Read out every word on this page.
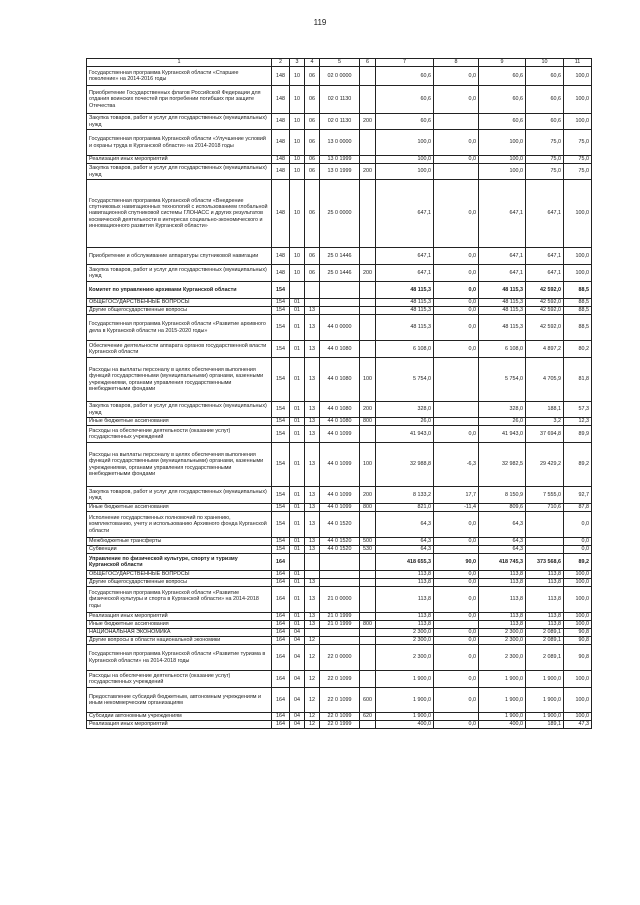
119
1	2	3	4	5	6	7	8	9	10	11
Государственная программа Курганской области «Старшее поколение» на 2014-2016 годы	148	10	06	02 0 0000		60,6	0,0	60,6	60,6	100,0
Приобретение Государственных флагов Российской Федерации для отдания воинских почестей при погребении погибших при защите Отечества	148	10	06	02 0 1130		60,6	0,0	60,6	60,6	100,0
Закупка товаров, работ и услуг для государственных (муниципальных) нужд	148	10	06	02 0 1130	200	60,6		60,6	60,6	100,0
Государственная программа Курганской области «Улучшение условий и охраны труда в Курганской области» на 2014-2018 годы	148	10	06	13 0 0000		100,0	0,0	100,0	75,0	75,0
Реализация иных мероприятий	148	10	06	13 0 1999		100,0	0,0	100,0	75,0	75,0
Закупка товаров, работ и услуг для государственных (муниципальных) нужд	148	10	06	13 0 1999	200	100,0		100,0	75,0	75,0
Государственная программа Курганской области «Внедрение спутниковых навигационных технологий с использованием глобальной навигационной спутниковой системы ГЛОНАСС и других результатов космической деятельности в интересах социально-экономического и инновационного развития Курганской области»	148	10	06	25 0 0000		647,1	0,0	647,1	647,1	100,0
Приобретение и обслуживание аппаратуры спутниковой навигации	148	10	06	25 0 1446		647,1	0,0	647,1	647,1	100,0
Закупка товаров, работ и услуг для государственных (муниципальных) нужд	148	10	06	25 0 1446	200	647,1	0,0	647,1	647,1	100,0
Комитет по управлению архивами Курганской области	154					48 115,3	0,0	48 115,3	42 592,0	88,5
ОБЩЕГОСУДАРСТВЕННЫЕ ВОПРОСЫ	154	01				48 115,3	0,0	48 115,3	42 592,0	88,5
Другие общегосударственные вопросы	154	01	13			48 115,3	0,0	48 115,3	42 592,0	88,5
Государственная программа Курганской области «Развитие архивного дела в Курганской области на 2015-2020 годы»	154	01	13	44 0 0000		48 115,3	0,0	48 115,3	42 592,0	88,5
Обеспечение деятельности аппарата органов государственной власти Курганской области	154	01	13	44 0 1080		6 108,0	0,0	6 108,0	4 897,2	80,2
Расходы на выплаты персоналу в целях обеспечения выполнения функций государственными (муниципальными) органами, казенными учреждениями, органами управления государственными внебюджетными фондами	154	01	13	44 0 1080	100	5 754,0		5 754,0	4 705,9	81,8
Закупка товаров, работ и услуг для государственных (муниципальных) нужд	154	01	13	44 0 1080	200	328,0		328,0	188,1	57,3
Иные бюджетные ассигнования	154	01	13	44 0 1080	800	26,0		26,0	3,2	12,3
Расходы на обеспечение деятельности (оказание услуг) государственных учреждений	154	01	13	44 0 1099		41 943,0	0,0	41 943,0	37 694,8	89,9
Расходы на выплаты персоналу в целях обеспечения выполнения функций государственными (муниципальными) органами, казенными учреждениями, органами управления государственными внебюджетными фондами	154	01	13	44 0 1099	100	32 988,8	-6,3	32 982,5	29 429,2	89,2
Закупка товаров, работ и услуг для государственных (муниципальных) нужд	154	01	13	44 0 1099	200	8 133,2	17,7	8 150,9	7 555,0	92,7
Иные бюджетные ассигнования	154	01	13	44 0 1099	800	821,0	-11,4	809,6	710,6	87,8
Исполнение государственных полномочий по хранению, комплектованию, учету и использованию Архивного фонда Курганской области	154	01	13	44 0 1520		64,3	0,0	64,3		0,0
Межбюджетные трансферты	154	01	13	44 0 1520	500	64,3	0,0	64,3		0,0
Субвенции	154	01	13	44 0 1520	530	64,3		64,3		0,0
Управление по физической культуре, спорту и туризму Курганской области	164					418 655,3	90,0	418 745,3	373 568,6	89,2
ОБЩЕГОСУДАРСТВЕННЫЕ ВОПРОСЫ	164	01				113,8	0,0	113,8	113,8	100,0
Другие общегосударственные вопросы	164	01	13			113,8	0,0	113,8	113,8	100,0
Государственная программа Курганской области «Развитие физической культуры и спорта в Курганской области» на 2014-2018 годы	164	01	13	21 0 0000		113,8	0,0	113,8	113,8	100,0
Реализация иных мероприятий	164	01	13	21 0 1999		113,8	0,0	113,8	113,8	100,0
Иные бюджетные ассигнования	164	01	13	21 0 1999	800	113,8		113,8	113,8	100,0
НАЦИОНАЛЬНАЯ ЭКОНОМИКА	164	04				2 300,0	0,0	2 300,0	2 089,1	90,8
Другие вопросы в области национальной экономики	164	04	12			2 300,0	0,0	2 300,0	2 089,1	90,8
Государственная программа Курганской области «Развитие туризма в Курганской области» на 2014-2018 годы	164	04	12	22 0 0000		2 300,0	0,0	2 300,0	2 089,1	90,8
Расходы на обеспечение деятельности (оказание услуг) государственных учреждений	164	04	12	22 0 1099		1 900,0	0,0	1 900,0	1 900,0	100,0
Предоставление субсидий бюджетным, автономным учреждениям и иным некоммерческим организациям	164	04	12	22 0 1099	600	1 900,0	0,0	1 900,0	1 900,0	100,0
Субсидии автономным учреждениям	164	04	12	22 0 1099	620	1 900,0		1 900,0	1 900,0	100,0
Реализация иных мероприятий	164	04	12	22 0 1999		400,0	0,0	400,0	189,1	47,3
